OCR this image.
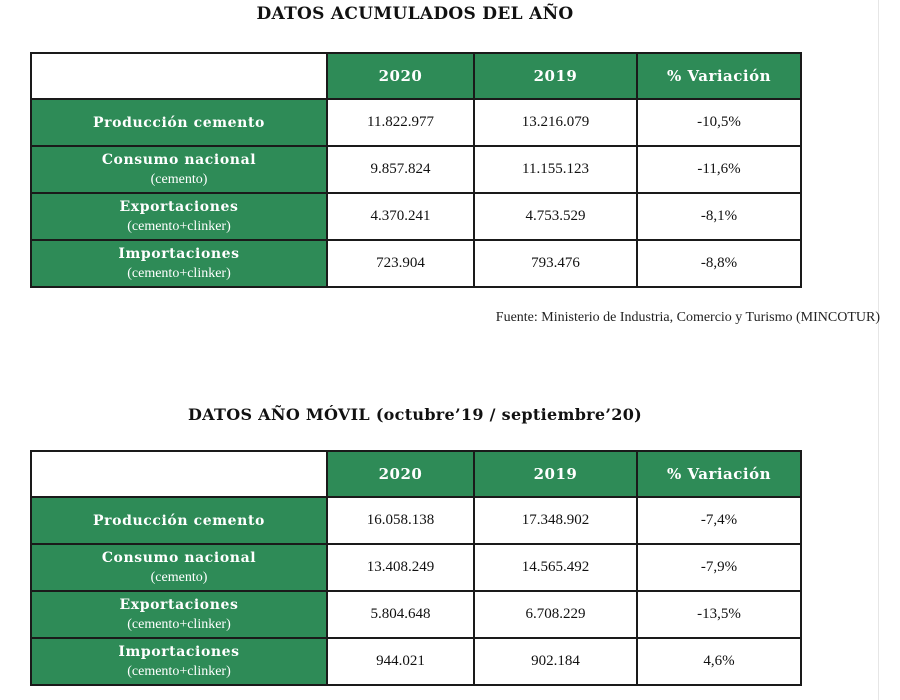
DATOS ACUMULADOS DEL AÑO
	2020	2019	% Variación

Producción cemento	11.822.977	13.216.079	-10,5%

Consumo nacional
(cemento)	9.857.824	11.155.123	-11,6%

Exportaciones
(cemento+clinker)	4.370.241	4.753.529	-8,1%

Importaciones
(cemento+clinker)	723.904	793.476	-8,8%
Fuente: Ministerio de Industria, Comercio y Turismo (MINCOTUR)
DATOS AÑO MÓVIL (octubre’19 / septiembre’20)
	2020	2019	% Variación

Producción cemento	16.058.138	17.348.902	-7,4%

Consumo nacional
(cemento)	13.408.249	14.565.492	-7,9%

Exportaciones
(cemento+clinker)	5.804.648	6.708.229	-13,5%

Importaciones
(cemento+clinker)	944.021	902.184	4,6%
